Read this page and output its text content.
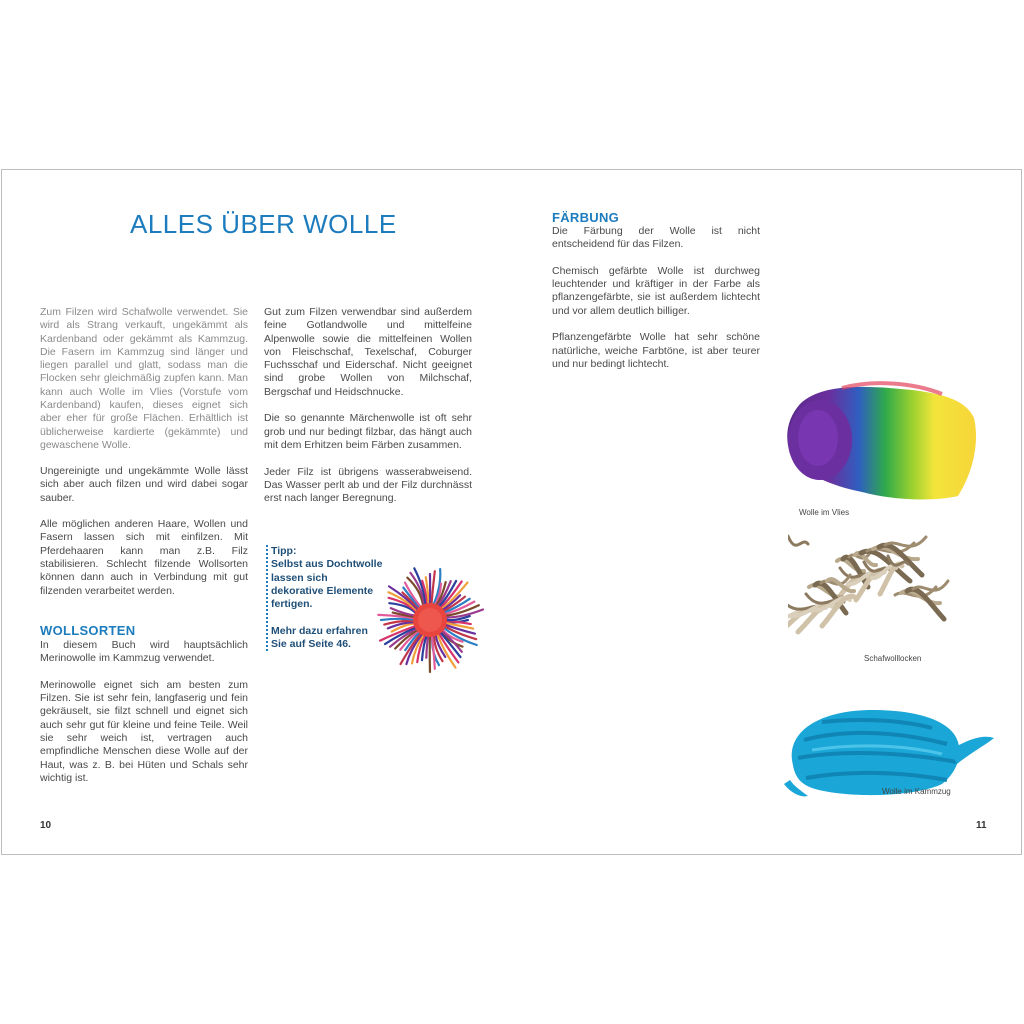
ALLES ÜBER WOLLE

Zum Filzen wird Schafwolle verwendet. Sie wird als Strang verkauft, ungekämmt als Kardenband oder gekämmt als Kammzug. Die Fasern im Kammzug sind länger und liegen parallel und glatt, sodass man die Flocken sehr gleichmäßig zupfen kann. Man kann auch Wolle im Vlies (Vorstufe vom Kardenband) kaufen, dieses eignet sich aber eher für große Flächen. Erhältlich ist üblicherweise kardierte (gekämmte) und gewaschene Wolle.

Ungereinigte und ungekämmte Wolle lässt sich aber auch filzen und wird dabei sogar sauber.

Alle möglichen anderen Haare, Wollen und Fasern lassen sich mit einfilzen. Mit Pferdehaaren kann man z.B. Filz stabilisieren. Schlecht filzende Wollsorten können dann auch in Verbindung mit gut filzenden verarbeitet werden.

WOLLSORTEN

In diesem Buch wird hauptsächlich Merinowolle im Kammzug verwendet.

Merinowolle eignet sich am besten zum Filzen. Sie ist sehr fein, langfaserig und fein gekräuselt, sie filzt schnell und eignet sich auch sehr gut für kleine und feine Teile. Weil sie sehr weich ist, vertragen auch empfindliche Menschen diese Wolle auf der Haut, was z. B. bei Hüten und Schals sehr wichtig ist.

Gut zum Filzen verwendbar sind außerdem feine Gotlandwolle und mittelfeine Alpenwolle sowie die mittelfeinen Wollen von Fleischschaf, Texelschaf, Coburger Fuchsschaf und Eiderschaf. Nicht geeignet sind grobe Wollen von Milchschaf, Bergschaf und Heidschnucke.

Die so genannte Märchenwolle ist oft sehr grob und nur bedingt filzbar, das hängt auch mit dem Erhitzen beim Färben zusammen.

Jeder Filz ist übrigens wasserabweisend. Das Wasser perlt ab und der Filz durchnässt erst nach langer Beregnung.

Tipp:

Selbst aus Dochtwolle lassen sich dekorative Elemente fertigen.

Mehr dazu erfahren Sie auf Seite 46.

10
FÄRBUNG

Die Färbung der Wolle ist nicht entscheidend für das Filzen.

Chemisch gefärbte Wolle ist durchweg leuchtender und kräftiger in der Farbe als pflanzengefärbte, sie ist außerdem lichtecht und vor allem deutlich billiger.

Pflanzengefärbte Wolle hat sehr schöne natürliche, weiche Farbtöne, ist aber teurer und nur bedingt lichtecht.

Wolle im Vlies
Schafwolllocken
Wolle im Kammzug
11
